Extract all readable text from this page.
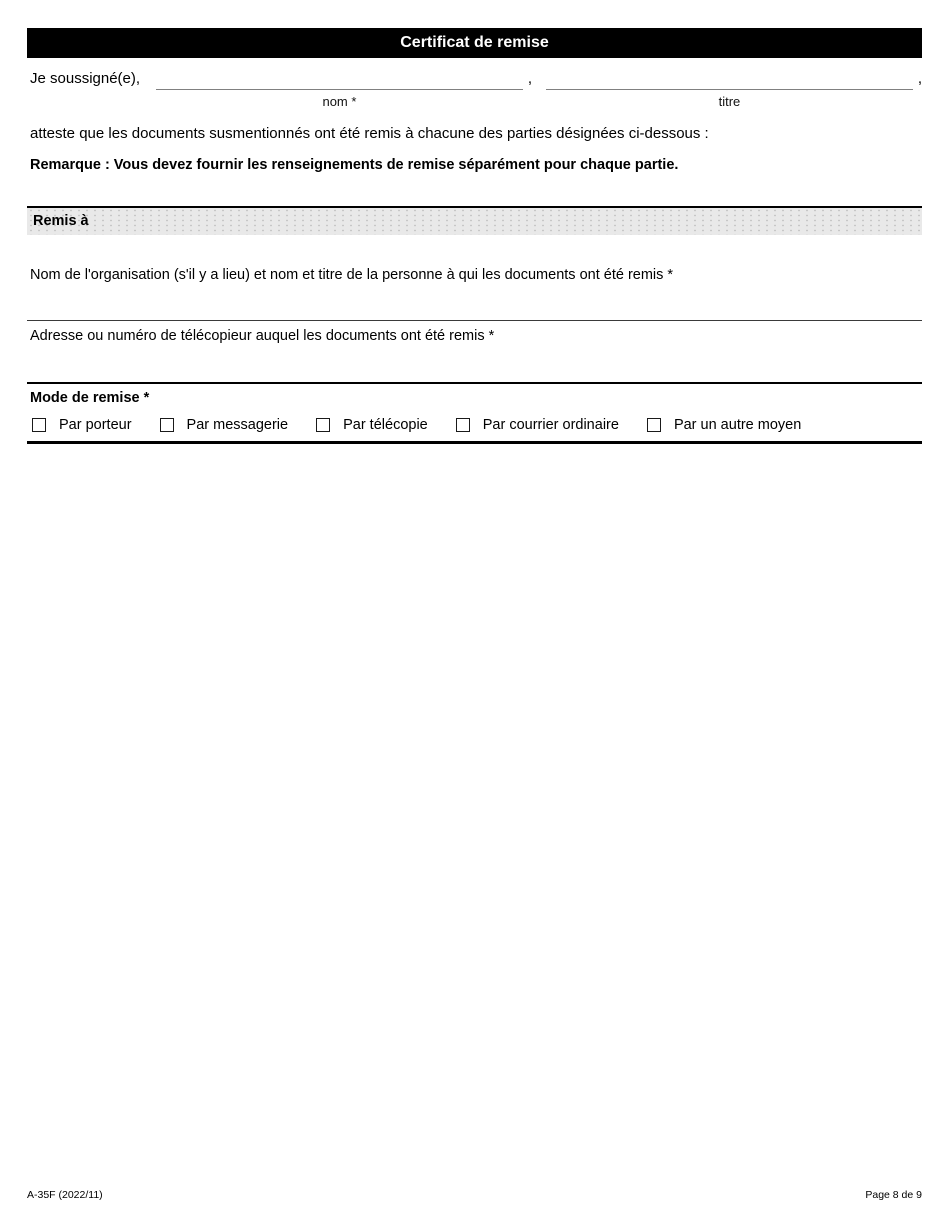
Certificat de remise
Je soussigné(e),
nom *
,
titre
,
atteste que les documents susmentionnés ont été remis à chacune des parties désignées ci-dessous :
Remarque : Vous devez fournir les renseignements de remise séparément pour chaque partie.
Remis à
Nom de l'organisation (s'il y a lieu) et nom et titre de la personne à qui les documents ont été remis *
Adresse ou numéro de télécopieur auquel les documents ont été remis *
Mode de remise *
Par porteur	Par messagerie	Par télécopie	Par courrier ordinaire	Par un autre moyen
A-35F (2022/11)	Page 8 de 9
